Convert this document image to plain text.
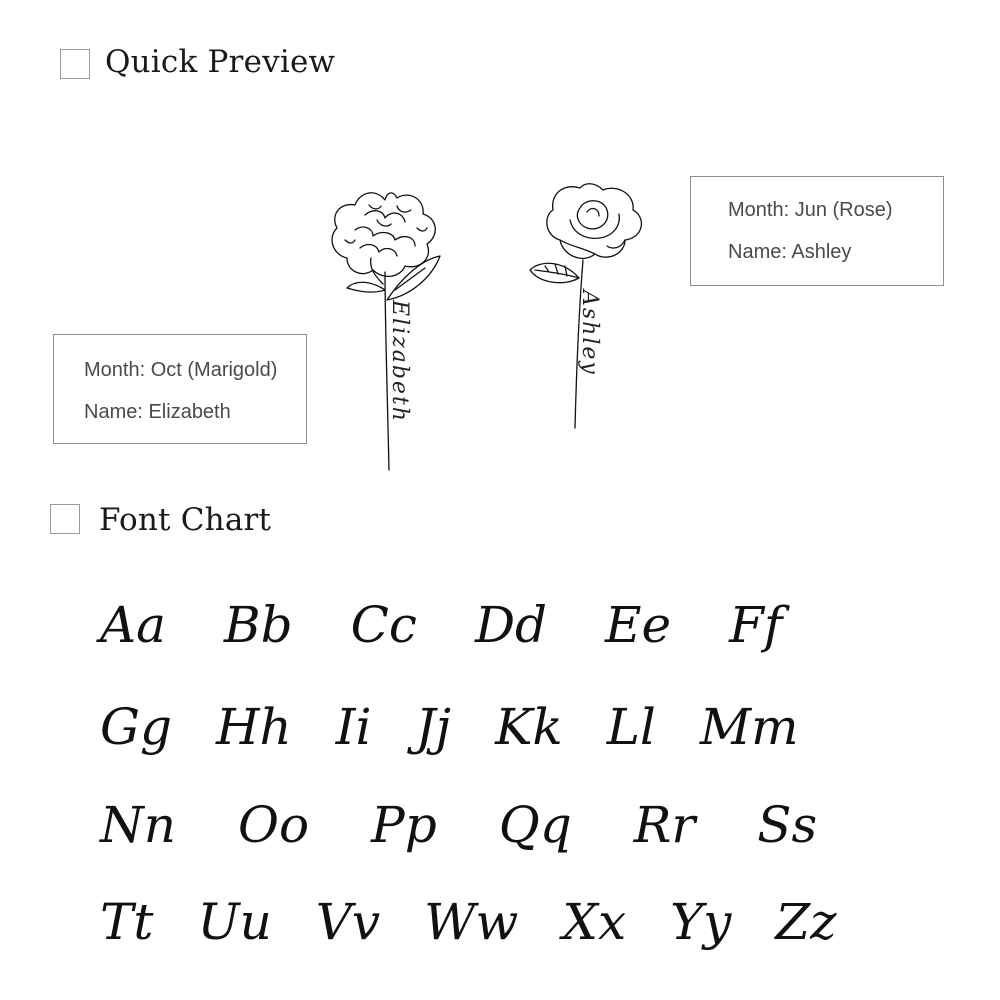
Quick Preview
Month: Jun (Rose)
Name: Ashley
Month: Oct (Marigold)
Name: Elizabeth	Elizabeth	Ashley
Font Chart
Aa Bb Cc Dd Ee Ff
Gg Hh Ii Jj Kk Ll Mm
Nn Oo Pp Qq Rr Ss
Tt Uu Vv Ww Xx Yy Zz
